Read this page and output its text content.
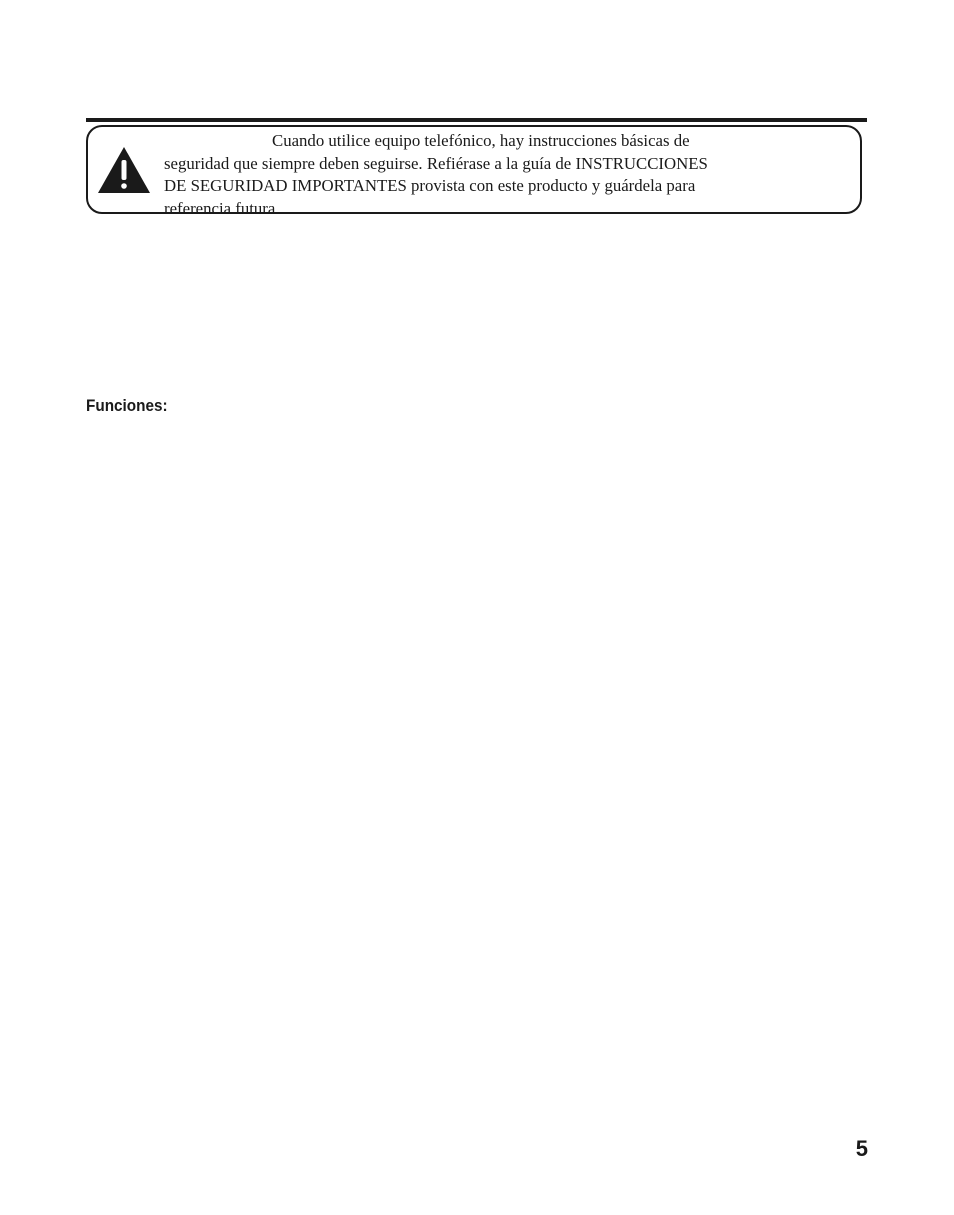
Cuando utilice equipo telefónico, hay instrucciones básicas de
seguridad que siempre deben seguirse. Refiérase a la guía de INSTRUCCIONES
DE SEGURIDAD IMPORTANTES provista con este producto y guárdela para
referencia futura.

Funciones:
5
